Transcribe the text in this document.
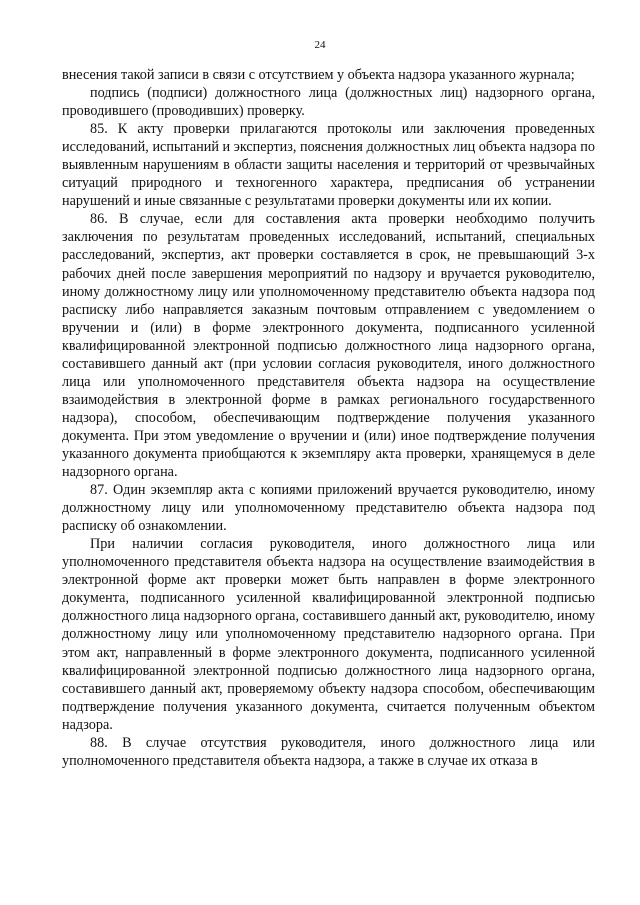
24

внесения такой записи в связи с отсутствием у объекта надзора указанного журнала;

подпись (подписи) должностного лица (должностных лиц) надзорного органа, проводившего (проводивших) проверку.

85. К акту проверки прилагаются протоколы или заключения проведенных исследований, испытаний и экспертиз, пояснения должностных лиц объекта надзора по выявленным нарушениям в области защиты населения и территорий от чрезвычайных ситуаций природного и техногенного характера, предписания об устранении нарушений и иные связанные с результатами проверки документы или их копии.

86. В случае, если для составления акта проверки необходимо получить заключения по результатам проведенных исследований, испытаний, специальных расследований, экспертиз, акт проверки составляется в срок, не превышающий 3-х рабочих дней после завершения мероприятий по надзору и вручается руководителю, иному должностному лицу или уполномоченному представителю объекта надзора под расписку либо направляется заказным почтовым отправлением с уведомлением о вручении и (или) в форме электронного документа, подписанного усиленной квалифицированной электронной подписью должностного лица надзорного органа, составившего данный акт (при условии согласия руководителя, иного должностного лица или уполномоченного представителя объекта надзора на осуществление взаимодействия в электронной форме в рамках регионального государственного надзора), способом, обеспечивающим подтверждение получения указанного документа. При этом уведомление о вручении и (или) иное подтверждение получения указанного документа приобщаются к экземпляру акта проверки, хранящемуся в деле надзорного органа.

87. Один экземпляр акта с копиями приложений вручается руководителю, иному должностному лицу или уполномоченному представителю объекта надзора под расписку об ознакомлении.

При наличии согласия руководителя, иного должностного лица или уполномоченного представителя объекта надзора на осуществление взаимодействия в электронной форме акт проверки может быть направлен в форме электронного документа, подписанного усиленной квалифицированной электронной подписью должностного лица надзорного органа, составившего данный акт, руководителю, иному должностному лицу или уполномоченному представителю надзорного органа. При этом акт, направленный в форме электронного документа, подписанного усиленной квалифицированной электронной подписью должностного лица надзорного органа, составившего данный акт, проверяемому объекту надзора способом, обеспечивающим подтверждение получения указанного документа, считается полученным объектом надзора.

88. В случае отсутствия руководителя, иного должностного лица или уполномоченного представителя объекта надзора, а также в случае их отказа в
